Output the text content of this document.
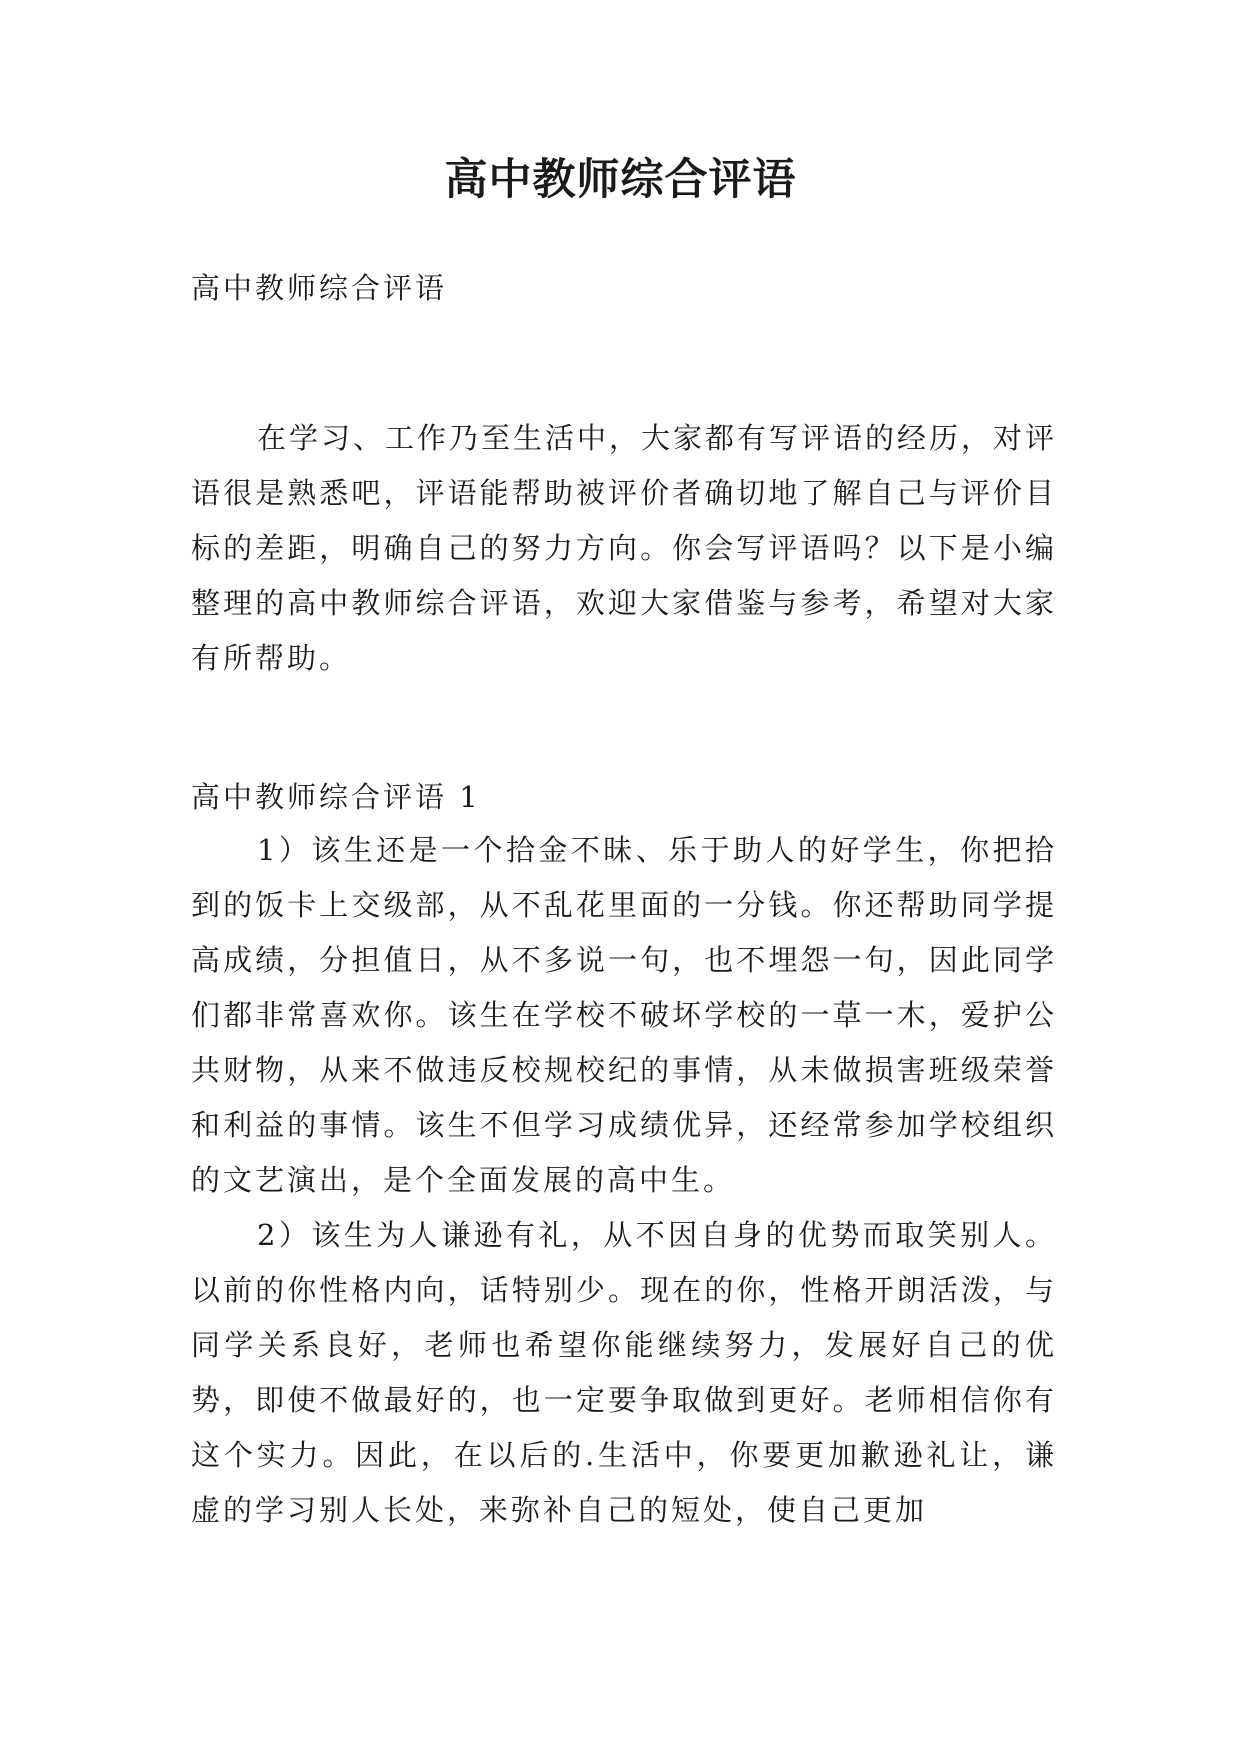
高中教师综合评语

高中教师综合评语

在学习、工作乃至生活中，大家都有写评语的经历，对评语很是熟悉吧，评语能帮助被评价者确切地了解自己与评价目标的差距，明确自己的努力方向。你会写评语吗？以下是小编整理的高中教师综合评语，欢迎大家借鉴与参考，希望对大家有所帮助。

高中教师综合评语 1

1）该生还是一个拾金不昧、乐于助人的好学生，你把拾到的饭卡上交级部，从不乱花里面的一分钱。你还帮助同学提高成绩，分担值日，从不多说一句，也不埋怨一句，因此同学们都非常喜欢你。该生在学校不破坏学校的一草一木，爱护公共财物，从来不做违反校规校纪的事情，从未做损害班级荣誉和利益的事情。该生不但学习成绩优异，还经常参加学校组织的文艺演出，是个全面发展的高中生。

2）该生为人谦逊有礼，从不因自身的优势而取笑别人。以前的你性格内向，话特别少。现在的你，性格开朗活泼，与同学关系良好，老师也希望你能继续努力，发展好自己的优势，即使不做最好的，也一定要争取做到更好。老师相信你有这个实力。因此，在以后的.生活中，你要更加歉逊礼让，谦虚的学习别人长处，来弥补自己的短处，使自己更加
